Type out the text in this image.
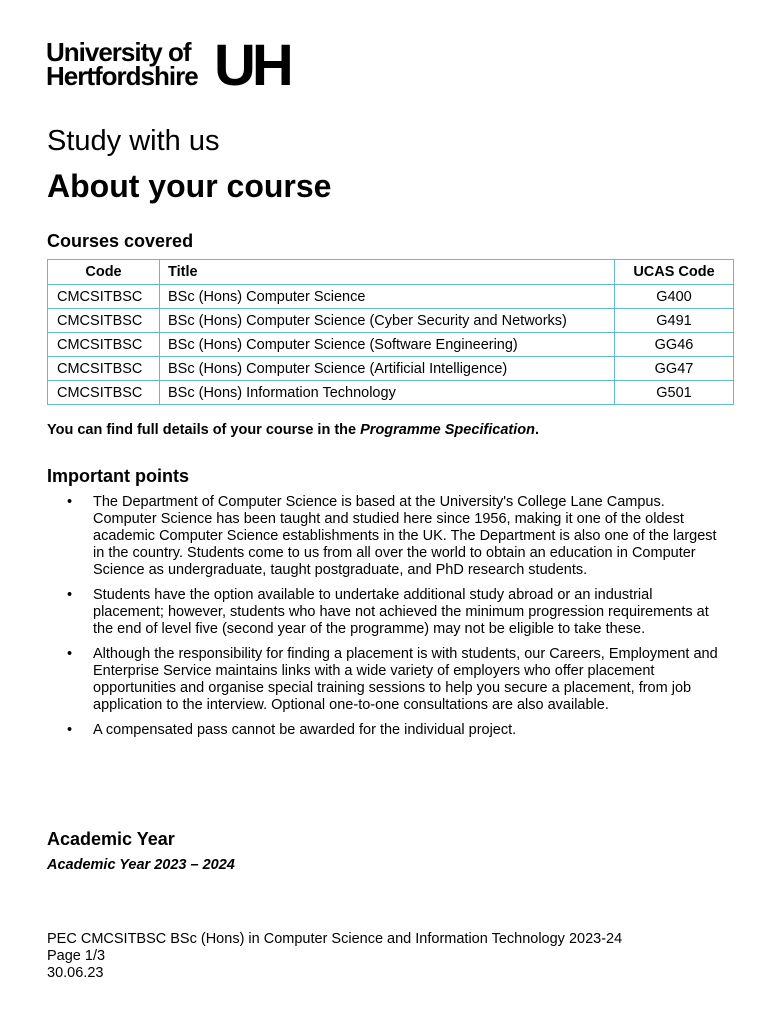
University of
Hertfordshire UH
Study with us
About your course
Courses covered
Code	Title	UCAS Code
CMCSITBSC	BSc (Hons) Computer Science	G400
CMCSITBSC	BSc (Hons) Computer Science (Cyber Security and Networks)	G491
CMCSITBSC	BSc (Hons) Computer Science (Software Engineering)	GG46
CMCSITBSC	BSc (Hons) Computer Science (Artificial Intelligence)	GG47
CMCSITBSC	BSc (Hons) Information Technology	G501
You can find full details of your course in the Programme Specification.
Important points
• The Department of Computer Science is based at the University's College Lane Campus. Computer Science has been taught and studied here since 1956, making it one of the oldest academic Computer Science establishments in the UK. The Department is also one of the largest in the country. Students come to us from all over the world to obtain an education in Computer Science as undergraduate, taught postgraduate, and PhD research students.
• Students have the option available to undertake additional study abroad or an industrial placement; however, students who have not achieved the minimum progression requirements at the end of level five (second year of the programme) may not be eligible to take these.
• Although the responsibility for finding a placement is with students, our Careers, Employment and Enterprise Service maintains links with a wide variety of employers who offer placement opportunities and organise special training sessions to help you secure a placement, from job application to the interview. Optional one-to-one consultations are also available.
• A compensated pass cannot be awarded for the individual project.
Academic Year
Academic Year 2023 – 2024
PEC CMCSITBSC BSc (Hons) in Computer Science and Information Technology 2023-24
Page 1/3
30.06.23
